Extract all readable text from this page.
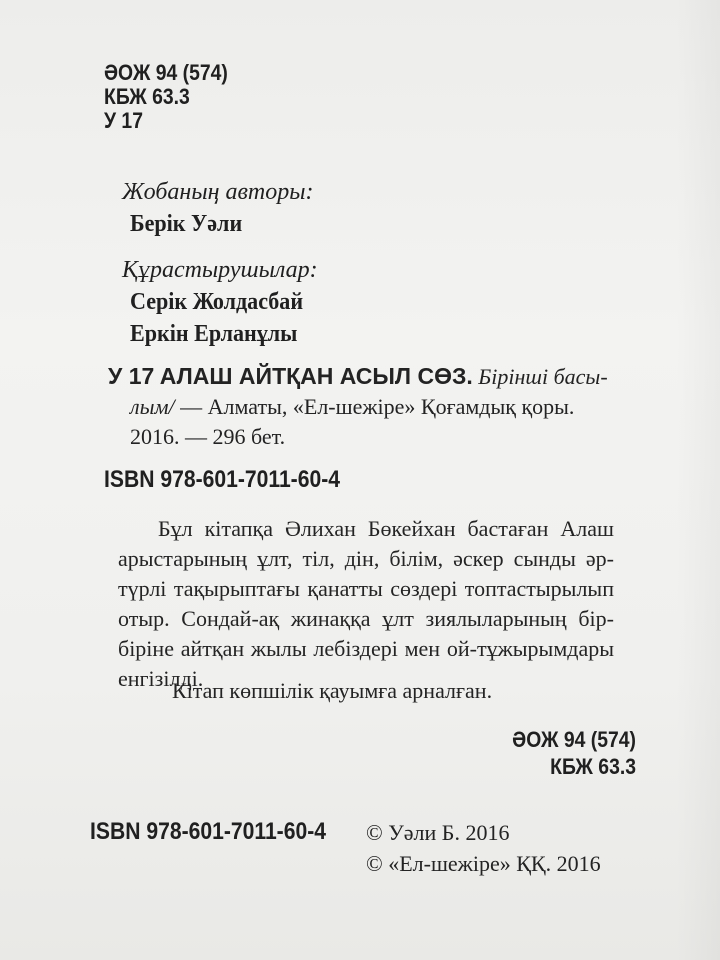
ӘОЖ 94 (574)
КБЖ 63.3
У 17
Жобаның авторы:
Берік Уәли
Құрастырушылар:
Серік Жолдасбай
Еркін Ерланұлы
У 17 АЛАШ АЙТҚАН АСЫЛ СӨЗ. Бірінші басы-
лым/ — Алматы, «Ел-шежіре» Қоғамдық қоры.
2016. — 296 бет.
ISBN 978-601-7011-60-4
Бұл кітапқа Әлихан Бөкейхан бастаған Алаш
арыстарының ұлт, тіл, дін, білім, әскер сынды әр-
түрлі тақырыптағы қанатты сөздері топтастырылып
отыр. Сондай-ақ жинаққа ұлт зиялыларының бір-
біріне айтқан жылы лебіздері мен ой-тұжырымдары
енгізілді.
Кітап көпшілік қауымға арналған.
ӘОЖ 94 (574)
КБЖ 63.3
ISBN 978-601-7011-60-4 © Уәли Б. 2016
© «Ел-шежіре» ҚҚ. 2016
